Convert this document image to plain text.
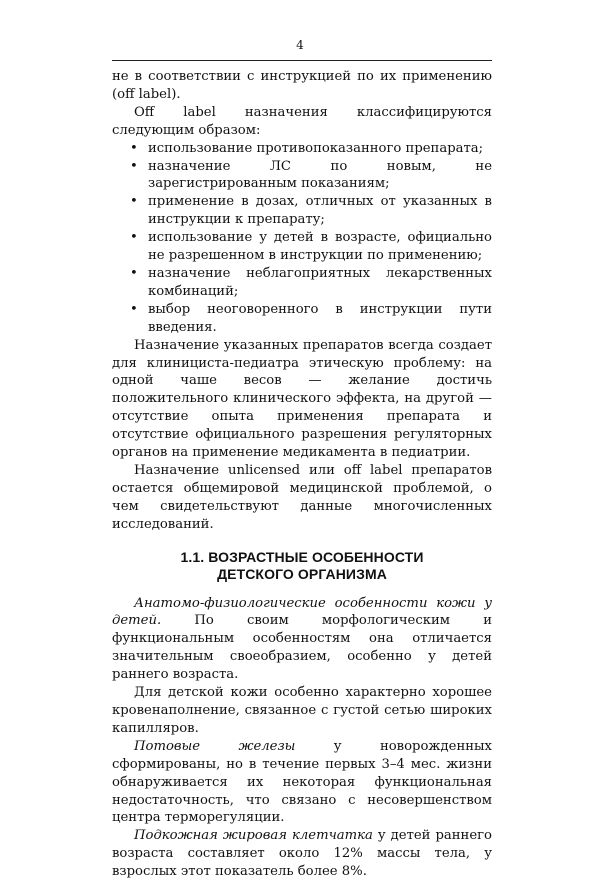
4

не в соответствии с инструкцией по их применению (off label).

Off label назначения классифицируются следующим образом:

• использование противопоказанного препарата;
• назначение ЛС по новым, не зарегистрированным показаниям;
• применение в дозах, отличных от указанных в инструкции к препарату;
• использование у детей в возрасте, официально не разрешенном в инструкции по применению;
• назначение неблагоприятных лекарственных комбинаций;
• выбор неоговоренного в инструкции пути введения.

Назначение указанных препаратов всегда создает для клинициста-педиатра этическую проблему: на одной чаше весов — желание достичь положительного клинического эффекта, на другой — отсутствие опыта применения препарата и отсутствие официального разрешения регуляторных органов на применение медикамента в педиатрии.

Назначение unlicensed или off label препаратов остается общемировой медицинской проблемой, о чем свидетельствуют данные многочисленных исследований.

1.1. ВОЗРАСТНЫЕ ОСОБЕННОСТИ
ДЕТСКОГО ОРГАНИЗМА

Анатомо-физиологические особенности кожи у детей. По своим морфологическим и функциональным особенностям она отличается значительным своеобразием, особенно у детей раннего возраста.

Для детской кожи особенно характерно хорошее кровенаполнение, связанное с густой сетью широких капилляров.

Потовые железы у новорожденных сформированы, но в течение первых 3–4 мес. жизни обнаруживается их некоторая функциональная недостаточность, что связано с несовершенством центра терморегуляции.

Подкожная жировая клетчатка у детей раннего возраста составляет около 12% массы тела, у взрослых этот показатель более 8%.
